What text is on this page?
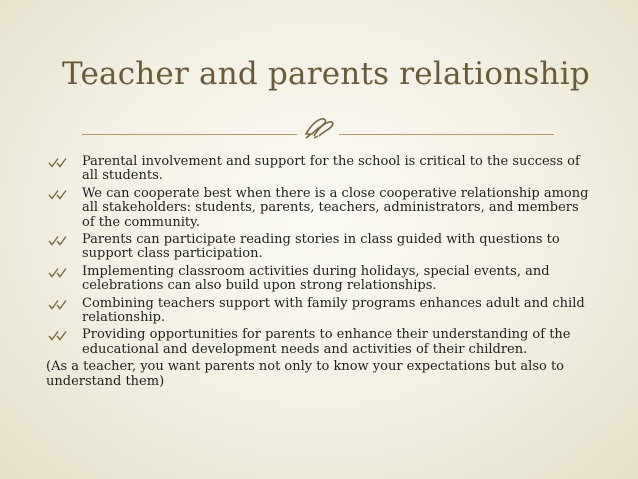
Teacher and parents relationship
Parental involvement and support for the school is critical to the success of all students.
We can cooperate best when there is a close cooperative relationship among all stakeholders: students, parents, teachers, administrators, and members of the community.
Parents can participate reading stories in class guided with questions to support class participation.
Implementing classroom activities during holidays, special events, and celebrations can also build upon strong relationships.
Combining teachers support with family programs enhances adult and child relationship.
Providing opportunities for parents to enhance their understanding of the educational and development needs and activities of their children.

(As a teacher, you want parents not only to know your expectations but also to understand them)
